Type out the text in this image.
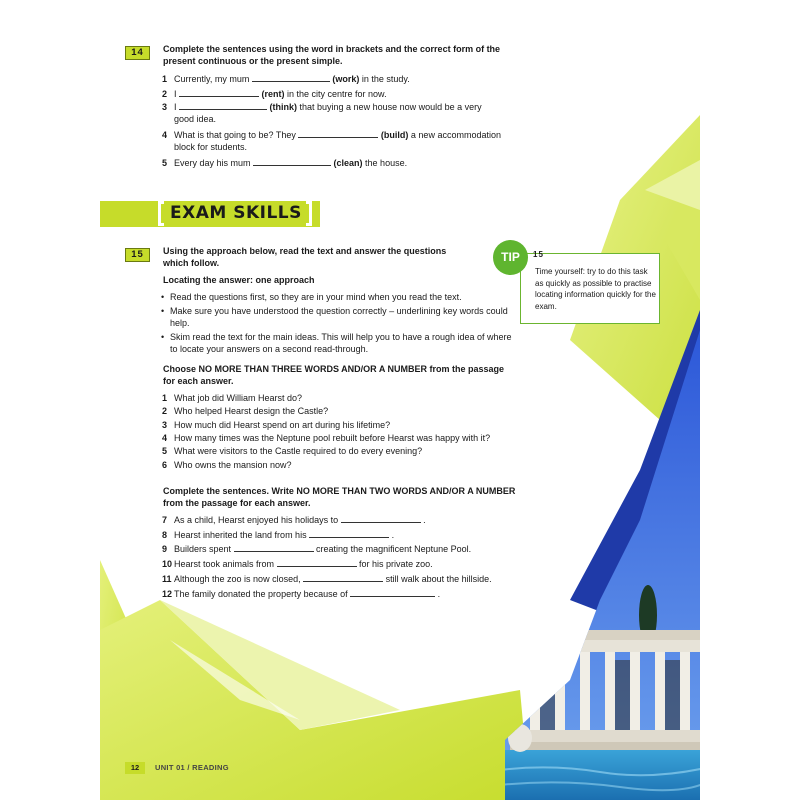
14	Complete the sentences using the word in brackets and the correct form of the present continuous or the present simple.
1 Currently, my mum	(work) in the study.
2 I	(rent) in the city centre for now.
3 I	(think) that buying a new house now would be a very
good idea.
4 What is that going to be? They	(build) a new accommodation
block for students.
5 Every day his mum	(clean) the house.
EXAM SKILLS
15	Using the approach below, read the text and answer the questions which follow.
Locating the answer: one approach
• Read the questions first, so they are in your mind when you read the text.
• Make sure you have understood the question correctly – underlining key words could help.
• Skim read the text for the main ideas. This will help you to have a rough idea of where to locate your answers on a second read-through.
Choose NO MORE THAN THREE WORDS AND/OR A NUMBER from the passage for each answer.
1 What job did William Hearst do?
2 Who helped Hearst design the Castle?
3 How much did Hearst spend on art during his lifetime?
4 How many times was the Neptune pool rebuilt before Hearst was happy with it?
5 What were visitors to the Castle required to do every evening?
6 Who owns the mansion now?
Complete the sentences. Write NO MORE THAN TWO WORDS AND/OR A NUMBER from the passage for each answer.
7 As a child, Hearst enjoyed his holidays to	.
8 Hearst inherited the land from his	.
9 Builders spent	creating the magnificent Neptune Pool.
10 Hearst took animals from	for his private zoo.
11 Although the zoo is now closed,	still walk about the hillside.
12 The family donated the property because of	.
TIP	15
Time yourself: try to do this task as quickly as possible to practise locating information quickly for the exam.
12	UNIT 01 / READING
